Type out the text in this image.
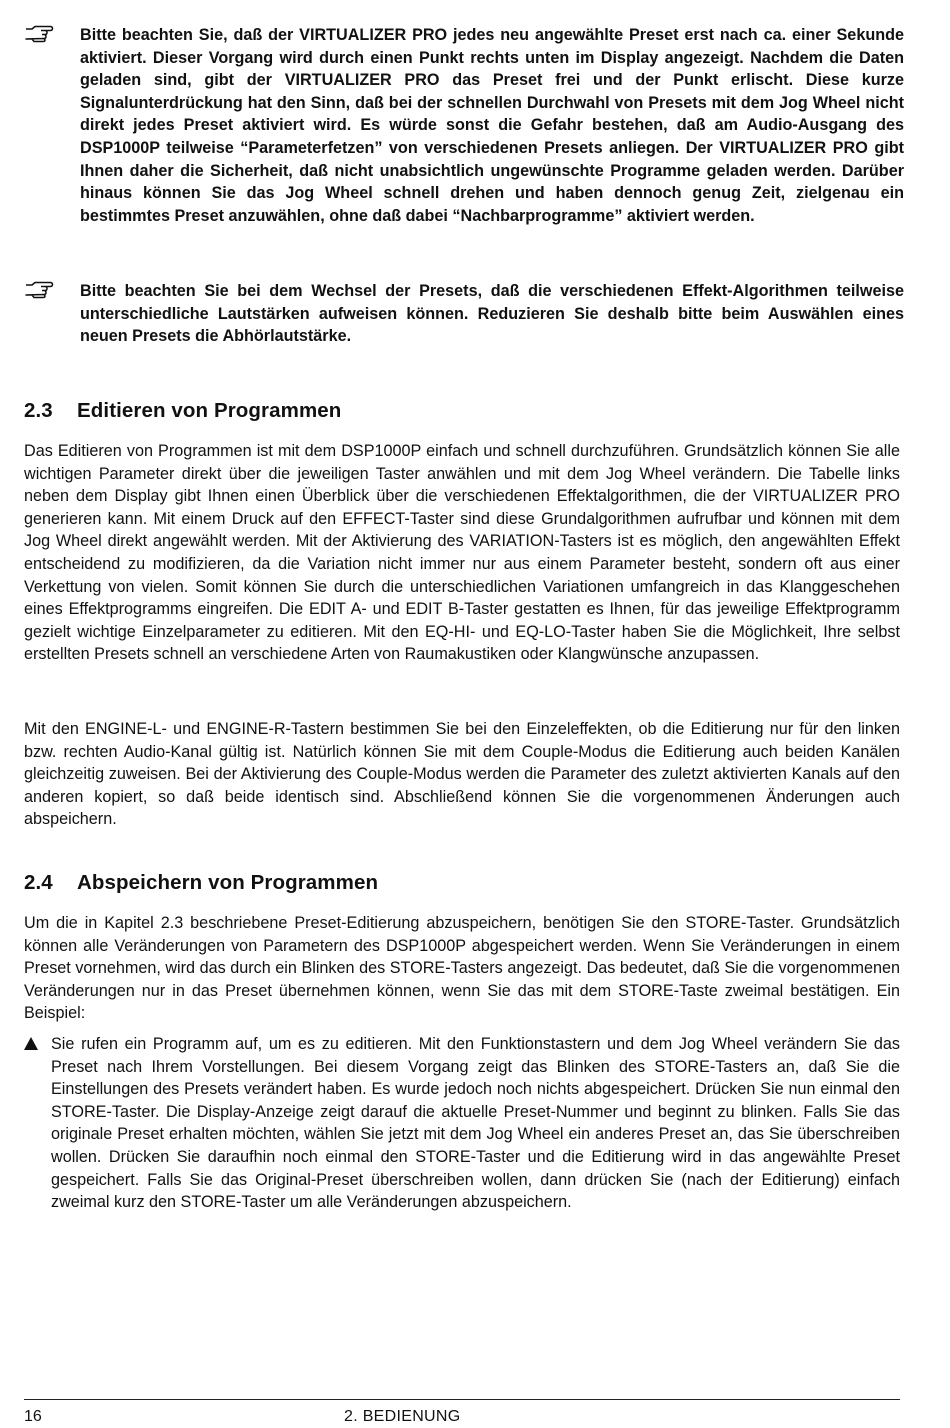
Bitte beachten Sie, daß der VIRTUALIZER PRO jedes neu angewählte Preset erst nach ca. einer Sekunde aktiviert. Dieser Vorgang wird durch einen Punkt rechts unten im Display angezeigt. Nachdem die Daten geladen sind, gibt der VIRTUALIZER PRO das Preset frei und der Punkt erlischt. Diese kurze Signalunterdrückung hat den Sinn, daß bei der schnellen Durchwahl von Presets mit dem Jog Wheel nicht direkt jedes Preset aktiviert wird. Es würde sonst die Gefahr bestehen, daß am Audio-Ausgang des DSP1000P teilweise “Parameterfetzen” von verschiedenen Presets anliegen. Der VIRTUALIZER PRO gibt Ihnen daher die Sicherheit, daß nicht unabsichtlich ungewünschte Programme geladen werden. Darüber hinaus können Sie das Jog Wheel schnell drehen und haben dennoch genug Zeit, zielgenau ein bestimmtes Preset anzuwählen, ohne daß dabei “Nachbarprogramme” aktiviert werden.
Bitte beachten Sie bei dem Wechsel der Presets, daß die verschiedenen Effekt-Algorithmen teilweise unterschiedliche Lautstärken aufweisen können. Reduzieren Sie deshalb bitte beim Auswählen eines neuen Presets die Abhörlautstärke.
2.3 Editieren von Programmen

Das Editieren von Programmen ist mit dem DSP1000P einfach und schnell durchzuführen. Grundsätzlich können Sie alle wichtigen Parameter direkt über die jeweiligen Taster anwählen und mit dem Jog Wheel verändern. Die Tabelle links neben dem Display gibt Ihnen einen Überblick über die verschiedenen Effektalgorithmen, die der VIRTUALIZER PRO generieren kann. Mit einem Druck auf den EFFECT-Taster sind diese Grundalgorithmen aufrufbar und können mit dem Jog Wheel direkt angewählt werden. Mit der Aktivierung des VARIATION-Tasters ist es möglich, den angewählten Effekt entscheidend zu modifizieren, da die Variation nicht immer nur aus einem Parameter besteht, sondern oft aus einer Verkettung von vielen. Somit können Sie durch die unterschiedlichen Variationen umfangreich in das Klanggeschehen eines Effektprogramms eingreifen. Die EDIT A- und EDIT B-Taster gestatten es Ihnen, für das jeweilige Effektprogramm gezielt wichtige Einzelparameter zu editieren. Mit den EQ-HI- und EQ-LO-Taster haben Sie die Möglichkeit, Ihre selbst erstellten Presets schnell an verschiedene Arten von Raumakustiken oder Klangwünsche anzupassen.

Mit den ENGINE-L- und ENGINE-R-Tastern bestimmen Sie bei den Einzeleffekten, ob die Editierung nur für den linken bzw. rechten Audio-Kanal gültig ist. Natürlich können Sie mit dem Couple-Modus die Editierung auch beiden Kanälen gleichzeitig zuweisen. Bei der Aktivierung des Couple-Modus werden die Parameter des zuletzt aktivierten Kanals auf den anderen kopiert, so daß beide identisch sind. Abschließend können Sie die vorgenommenen Änderungen auch abspeichern.

2.4 Abspeichern von Programmen

Um die in Kapitel 2.3 beschriebene Preset-Editierung abzuspeichern, benötigen Sie den STORE-Taster. Grundsätzlich können alle Veränderungen von Parametern des DSP1000P abgespeichert werden. Wenn Sie Veränderungen in einem Preset vornehmen, wird das durch ein Blinken des STORE-Tasters angezeigt. Das bedeutet, daß Sie die vorgenommenen Veränderungen nur in das Preset übernehmen können, wenn Sie das mit dem STORE-Taste zweimal bestätigen. Ein Beispiel:

Sie rufen ein Programm auf, um es zu editieren. Mit den Funktionstastern und dem Jog Wheel verändern Sie das Preset nach Ihrem Vorstellungen. Bei diesem Vorgang zeigt das Blinken des STORE-Tasters an, daß Sie die Einstellungen des Presets verändert haben. Es wurde jedoch noch nichts abgespeichert. Drücken Sie nun einmal den STORE-Taster. Die Display-Anzeige zeigt darauf die aktuelle Preset-Nummer und beginnt zu blinken. Falls Sie das originale Preset erhalten möchten, wählen Sie jetzt mit dem Jog Wheel ein anderes Preset an, das Sie überschreiben wollen. Drücken Sie daraufhin noch einmal den STORE-Taster und die Editierung wird in das angewählte Preset gespeichert. Falls Sie das Original-Preset überschreiben wollen, dann drücken Sie (nach der Editierung) einfach zweimal kurz den STORE-Taster um alle Veränderungen abzuspeichern.
16	2. BEDIENUNG
